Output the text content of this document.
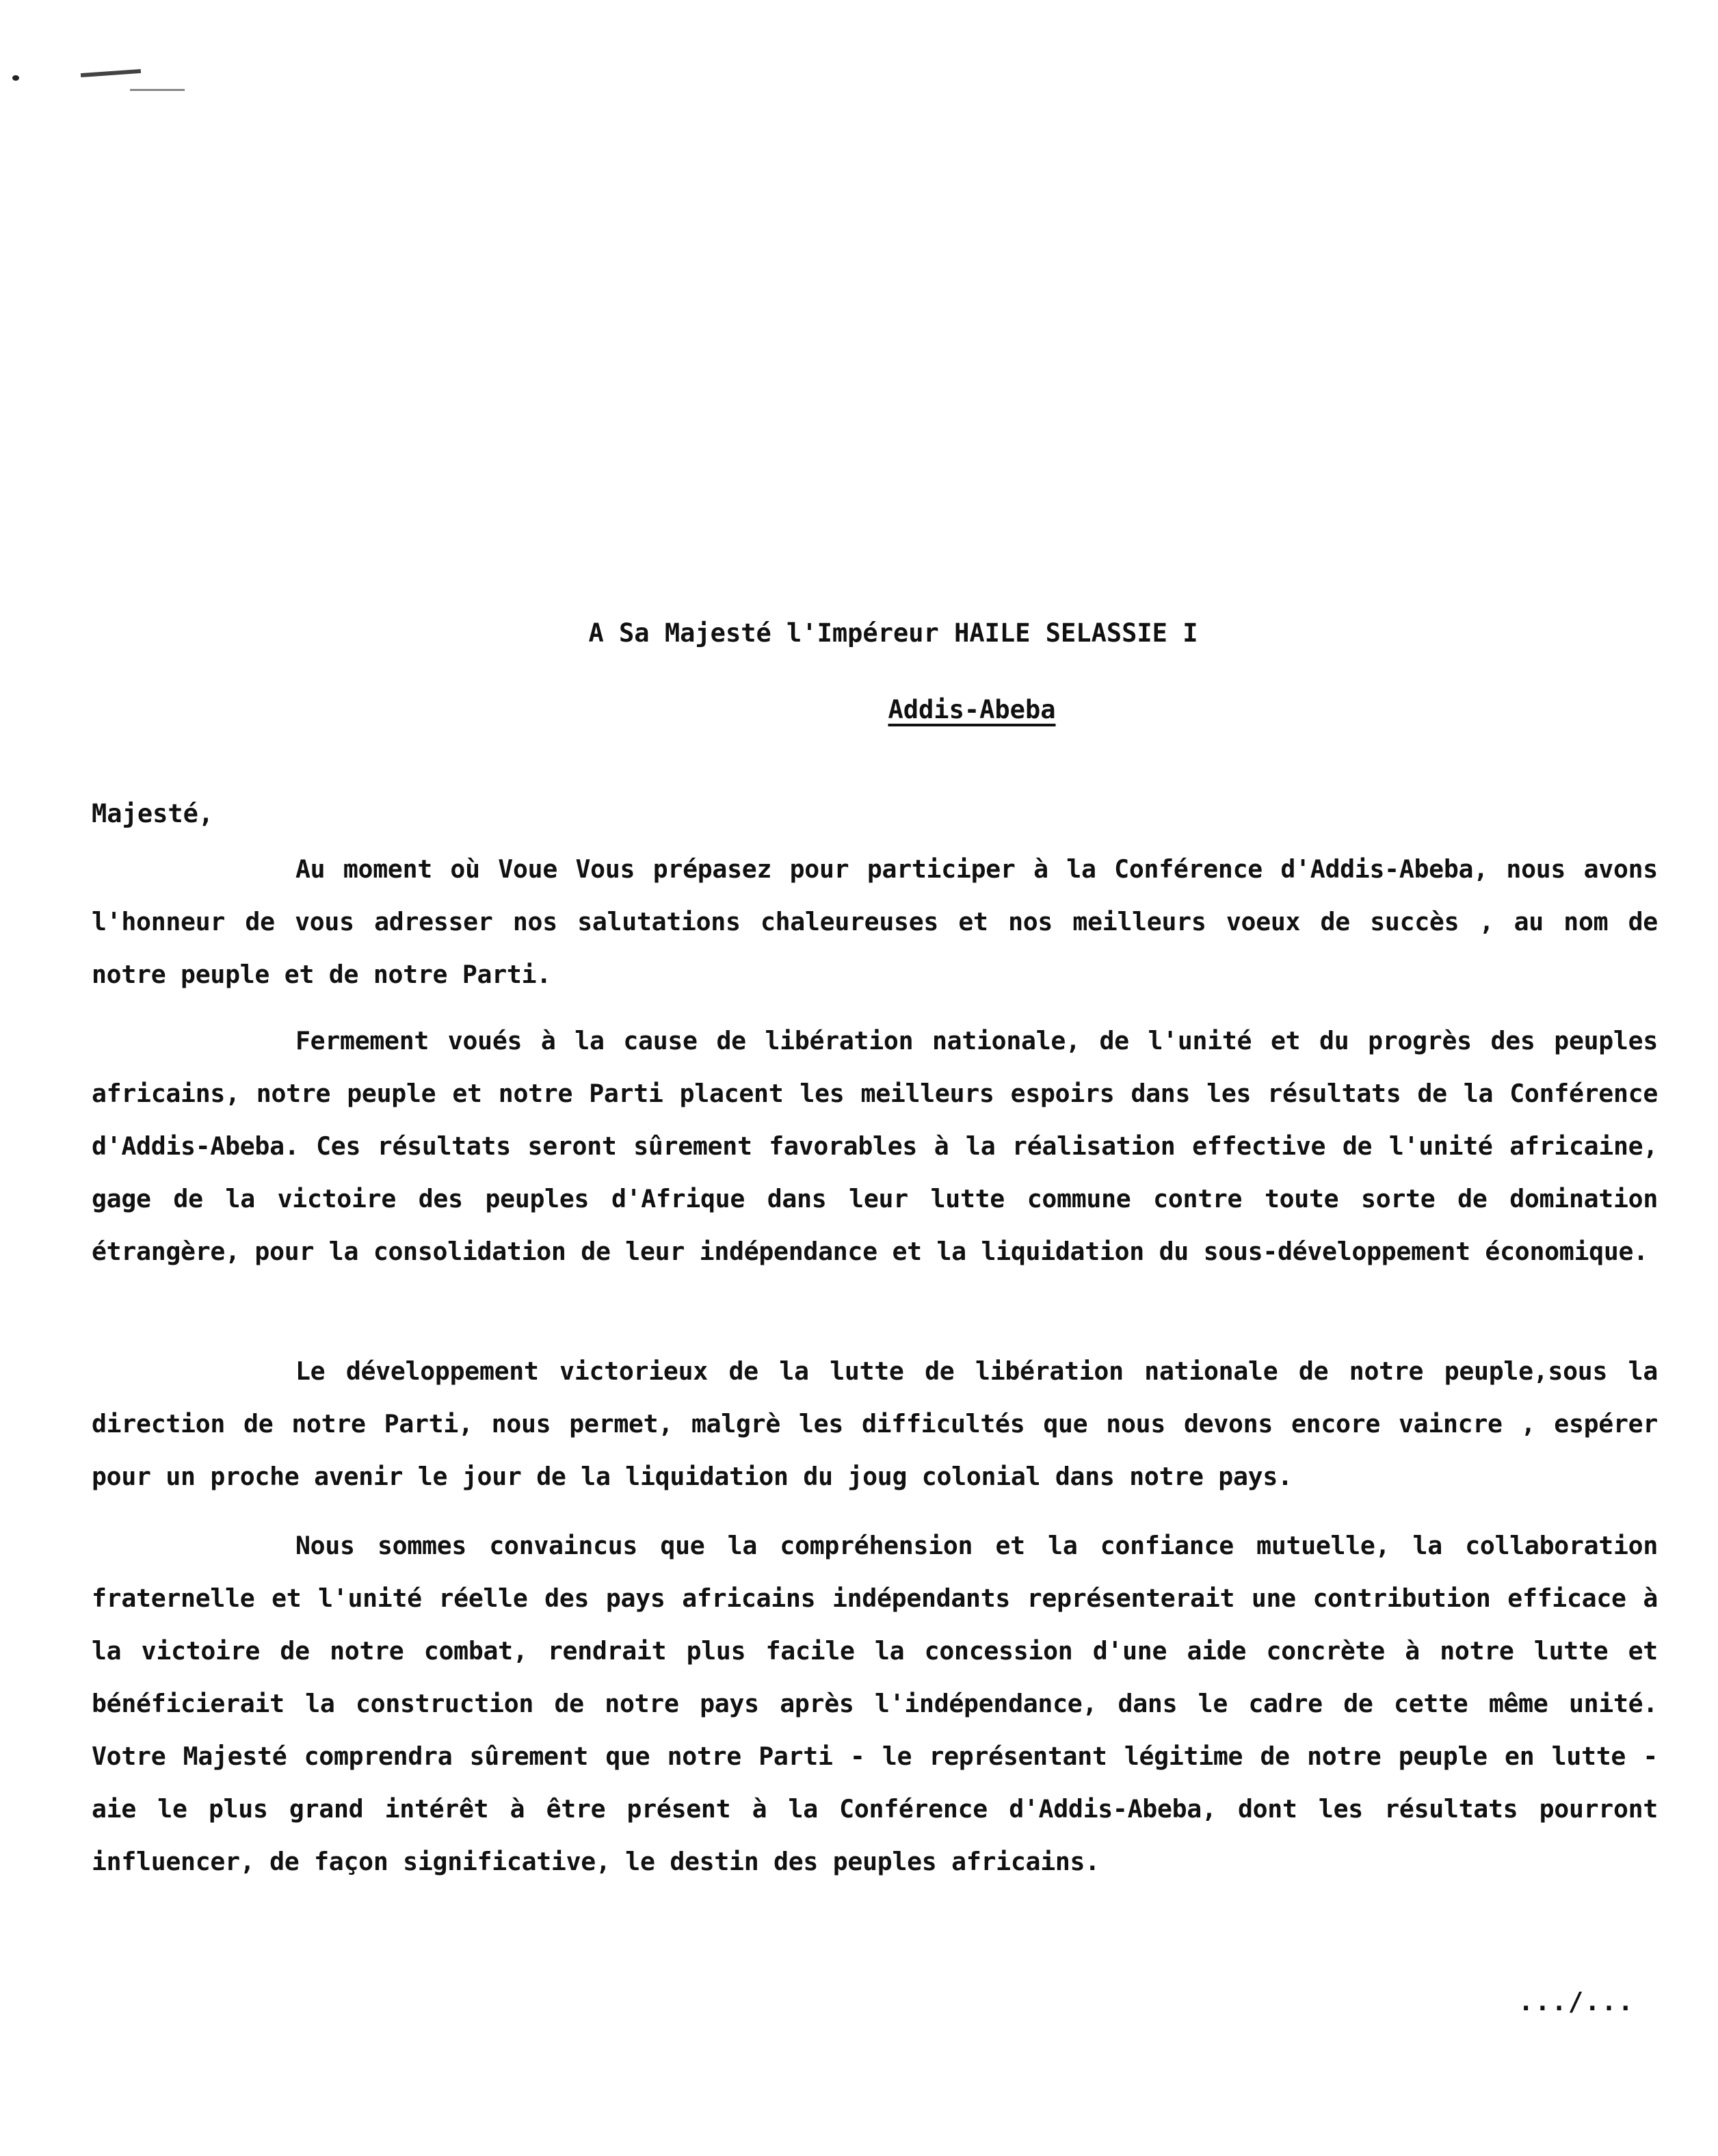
A Sa Majesté l'Impéreur HAILE SELASSIE I
Addis-Abeba
Majesté,

Au moment où Voue Vous prépasez pour participer à la Conférence d'Addis-Abeba, nous avons l'honneur de vous adresser nos salutations chaleureuses et nos meilleurs voeux de succès , au nom de notre peuple et de notre Parti.

Fermement voués à la cause de libération nationale, de l'unité et du progrès des peuples africains, notre peuple et notre Parti placent les meilleurs espoirs dans les résultats de la Conférence d'Addis-Abeba. Ces résultats seront sûrement favorables à la réalisation effective de l'unité africaine, gage de la victoire des peuples d'Afrique dans leur lutte commune contre toute sorte de domination étrangère, pour la consolidation de leur indépendance et la liquidation du sous-développement économique.

Le développement victorieux de la lutte de libération nationale de notre peuple,sous la direction de notre Parti, nous permet, malgrè les difficultés que nous devons encore vaincre , espérer pour un proche avenir le jour de la liquidation du joug colonial dans notre pays.

Nous sommes convaincus que la compréhension et la confiance mutuelle, la collaboration fraternelle et l'unité réelle des pays africains indépendants représenterait une contribution efficace à la victoire de notre combat, rendrait plus facile la concession d'une aide concrète à notre lutte et bénéficierait la construction de notre pays après l'indépendance, dans le cadre de cette même unité. Votre Majesté comprendra sûrement que notre Parti - le représentant légitime de notre peuple en lutte - aie le plus grand intérêt à être présent à la Conférence d'Addis-Abeba, dont les résultats pourront influencer, de façon significative, le destin des peuples africains.

.../...
